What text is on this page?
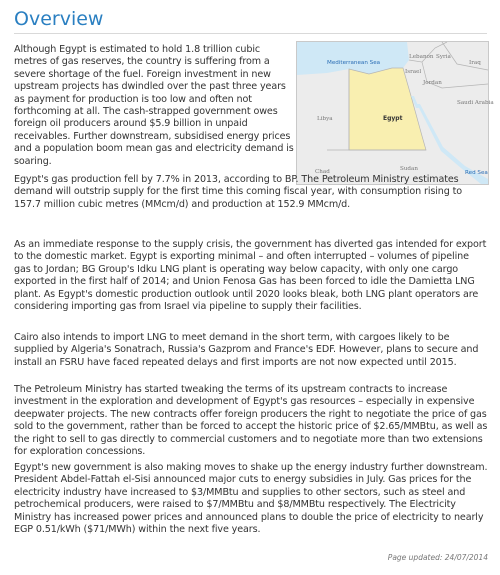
Overview
Mediterranean Sea
Lebanon Syria
Israel
Jordan
Iraq
Saudi Arabia
Libya	Egypt
Chad	Sudan
Red Sea

Although Egypt is estimated to hold 1.8 trillion cubic metres of gas reserves, the country is suffering from a severe shortage of the fuel. Foreign investment in new upstream projects has dwindled over the past three years as payment for production is too low and often not forthcoming at all. The cash-strapped government owes foreign oil producers around $5.9 billion in unpaid receivables. Further downstream, subsidised energy prices and a population boom mean gas and electricity demand is soaring.

Egypt's gas production fell by 7.7% in 2013, according to BP. The Petroleum Ministry estimates demand will outstrip supply for the first time this coming fiscal year, with consumption rising to 157.7 million cubic metres (MMcm/d) and production at 152.9 MMcm/d.

As an immediate response to the supply crisis, the government has diverted gas intended for export to the domestic market. Egypt is exporting minimal – and often interrupted – volumes of pipeline gas to Jordan; BG Group's Idku LNG plant is operating way below capacity, with only one cargo exported in the first half of 2014; and Union Fenosa Gas has been forced to idle the Damietta LNG plant. As Egypt's domestic production outlook until 2020 looks bleak, both LNG plant operators are considering importing gas from Israel via pipeline to supply their facilities.

Cairo also intends to import LNG to meet demand in the short term, with cargoes likely to be supplied by Algeria's Sonatrach, Russia's Gazprom and France's EDF. However, plans to secure and install an FSRU have faced repeated delays and first imports are not now expected until 2015.

The Petroleum Ministry has started tweaking the terms of its upstream contracts to increase investment in the exploration and development of Egypt's gas resources – especially in expensive deepwater projects. The new contracts offer foreign producers the right to negotiate the price of gas sold to the government, rather than be forced to accept the historic price of $2.65/MMBtu, as well as the right to sell to gas directly to commercial customers and to negotiate more than two extensions for exploration concessions.

Egypt's new government is also making moves to shake up the energy industry further downstream. President Abdel-Fattah el-Sisi announced major cuts to energy subsidies in July. Gas prices for the electricity industry have increased to $3/MMBtu and supplies to other sectors, such as steel and petrochemical producers, were raised to $7/MMBtu and $8/MMBtu respectively. The Electricity Ministry has increased power prices and announced plans to double the price of electricity to nearly EGP 0.51/kWh ($71/MWh) within the next five years.

Page updated: 24/07/2014
